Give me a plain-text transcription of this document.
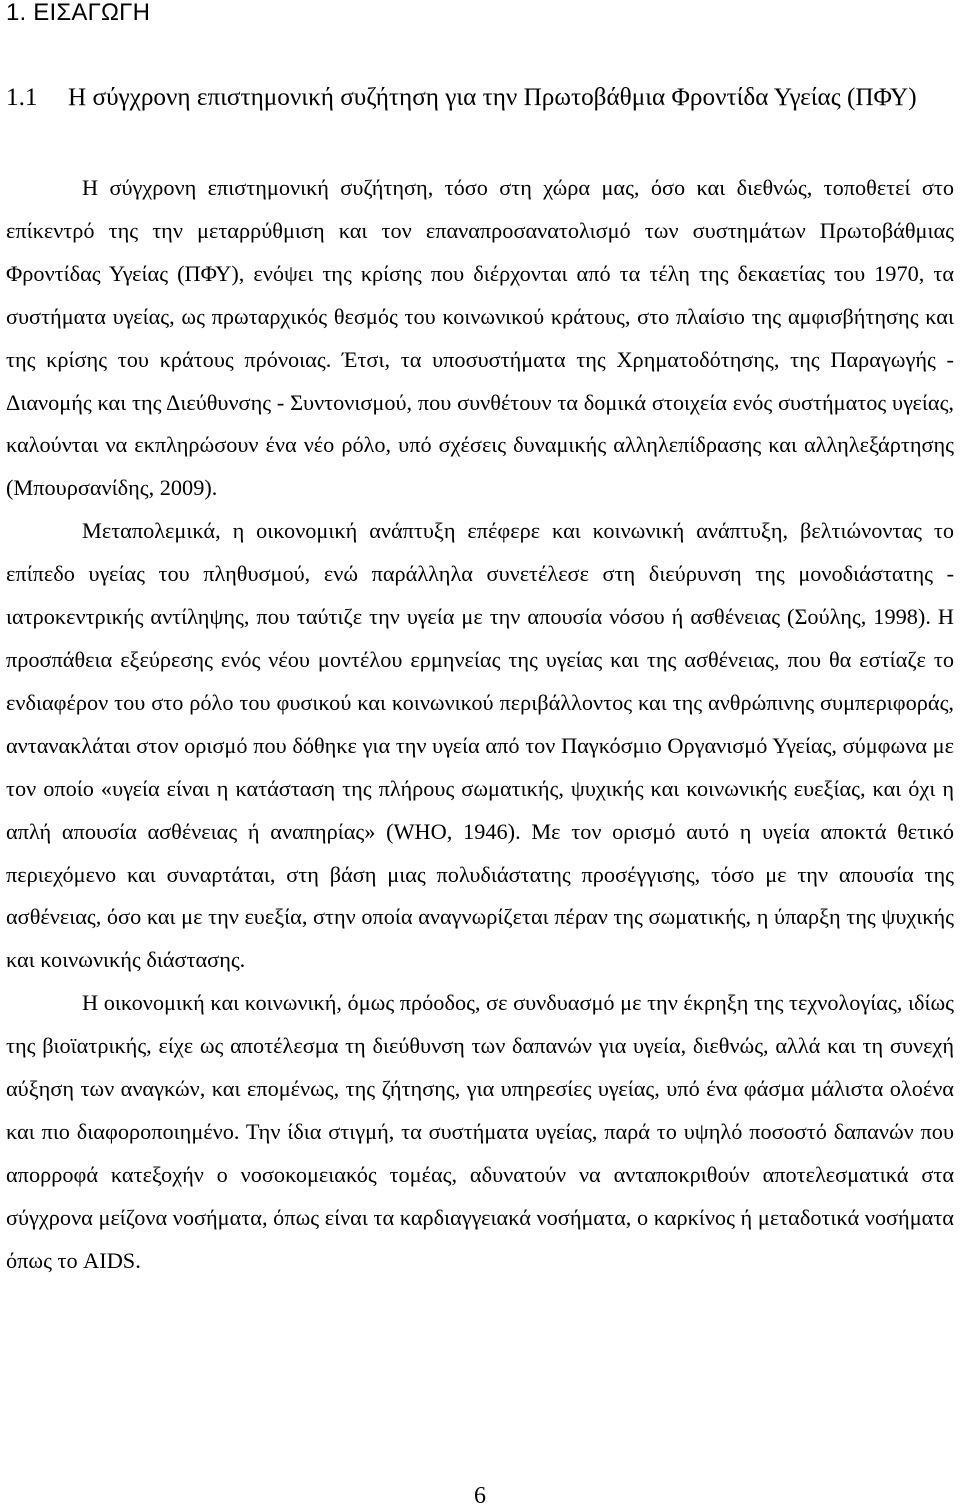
1. ΕΙΣΑΓΩΓΗ
1.1 Η σύγχρονη επιστημονική συζήτηση για την Πρωτοβάθμια Φροντίδα Υγείας (ΠΦΥ)

Η σύγχρονη επιστημονική συζήτηση, τόσο στη χώρα μας, όσο και διεθνώς, τοποθετεί στο επίκεντρό της την μεταρρύθμιση και τον επαναπροσανατολισμό των συστημάτων Πρωτοβάθμιας Φροντίδας Υγείας (ΠΦΥ), ενόψει της κρίσης που διέρχονται από τα τέλη της δεκαετίας του 1970, τα συστήματα υγείας, ως πρωταρχικός θεσμός του κοινωνικού κράτους, στο πλαίσιο της αμφισβήτησης και της κρίσης του κράτους πρόνοιας. Έτσι, τα υποσυστήματα της Χρηματοδότησης, της Παραγωγής - Διανομής και της Διεύθυνσης - Συντονισμού, που συνθέτουν τα δομικά στοιχεία ενός συστήματος υγείας, καλούνται να εκπληρώσουν ένα νέο ρόλο, υπό σχέσεις δυναμικής αλληλεπίδρασης και αλληλεξάρτησης (Μπουρσανίδης, 2009).

Μεταπολεμικά, η οικονομική ανάπτυξη επέφερε και κοινωνική ανάπτυξη, βελτιώνοντας το επίπεδο υγείας του πληθυσμού, ενώ παράλληλα συνετέλεσε στη διεύρυνση της μονοδιάστατης - ιατροκεντρικής αντίληψης, που ταύτιζε την υγεία με την απουσία νόσου ή ασθένειας (Σούλης, 1998). Η προσπάθεια εξεύρεσης ενός νέου μοντέλου ερμηνείας της υγείας και της ασθένειας, που θα εστίαζε το ενδιαφέρον του στο ρόλο του φυσικού και κοινωνικού περιβάλλοντος και της ανθρώπινης συμπεριφοράς, αντανακλάται στον ορισμό που δόθηκε για την υγεία από τον Παγκόσμιο Οργανισμό Υγείας, σύμφωνα με τον οποίο «υγεία είναι η κατάσταση της πλήρους σωματικής, ψυχικής και κοινωνικής ευεξίας, και όχι η απλή απουσία ασθένειας ή αναπηρίας» (WHO, 1946). Με τον ορισμό αυτό η υγεία αποκτά θετικό περιεχόμενο και συναρτάται, στη βάση μιας πολυδιάστατης προσέγγισης, τόσο με την απουσία της ασθένειας, όσο και με την ευεξία, στην οποία αναγνωρίζεται πέραν της σωματικής, η ύπαρξη της ψυχικής και κοινωνικής διάστασης.

Η οικονομική και κοινωνική, όμως πρόοδος, σε συνδυασμό με την έκρηξη της τεχνολογίας, ιδίως της βιοϊατρικής, είχε ως αποτέλεσμα τη διεύθυνση των δαπανών για υγεία, διεθνώς, αλλά και τη συνεχή αύξηση των αναγκών, και επομένως, της ζήτησης, για υπηρεσίες υγείας, υπό ένα φάσμα μάλιστα ολοένα και πιο διαφοροποιημένο. Την ίδια στιγμή, τα συστήματα υγείας, παρά το υψηλό ποσοστό δαπανών που απορροφά κατεξοχήν ο νοσοκομειακός τομέας, αδυνατούν να ανταποκριθούν αποτελεσματικά στα σύγχρονα μείζονα νοσήματα, όπως είναι τα καρδιαγγειακά νοσήματα, ο καρκίνος ή μεταδοτικά νοσήματα όπως το AIDS.

6
